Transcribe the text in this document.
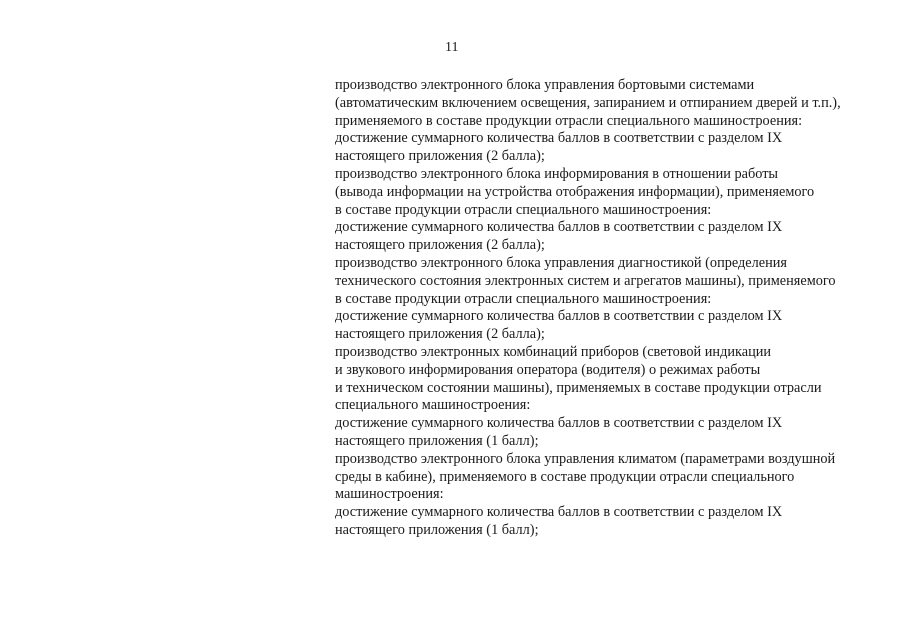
11
производство электронного блока управления бортовыми системами
(автоматическим включением освещения, запиранием и отпиранием дверей и т.п.),
применяемого в составе продукции отрасли специального машиностроения:
достижение суммарного количества баллов в соответствии с разделом IX
настоящего приложения (2 балла);
производство электронного блока информирования в отношении работы
(вывода информации на устройства отображения информации), применяемого
в составе продукции отрасли специального машиностроения:
достижение суммарного количества баллов в соответствии с разделом IX
настоящего приложения (2 балла);
производство электронного блока управления диагностикой (определения
технического состояния электронных систем и агрегатов машины), применяемого
в составе продукции отрасли специального машиностроения:
достижение суммарного количества баллов в соответствии с разделом IX
настоящего приложения (2 балла);
производство электронных комбинаций приборов (световой индикации
и звукового информирования оператора (водителя) о режимах работы
и техническом состоянии машины), применяемых в составе продукции отрасли
специального машиностроения:
достижение суммарного количества баллов в соответствии с разделом IX
настоящего приложения (1 балл);
производство электронного блока управления климатом (параметрами воздушной
среды в кабине), применяемого в составе продукции отрасли специального
машиностроения:
достижение суммарного количества баллов в соответствии с разделом IX
настоящего приложения (1 балл);
